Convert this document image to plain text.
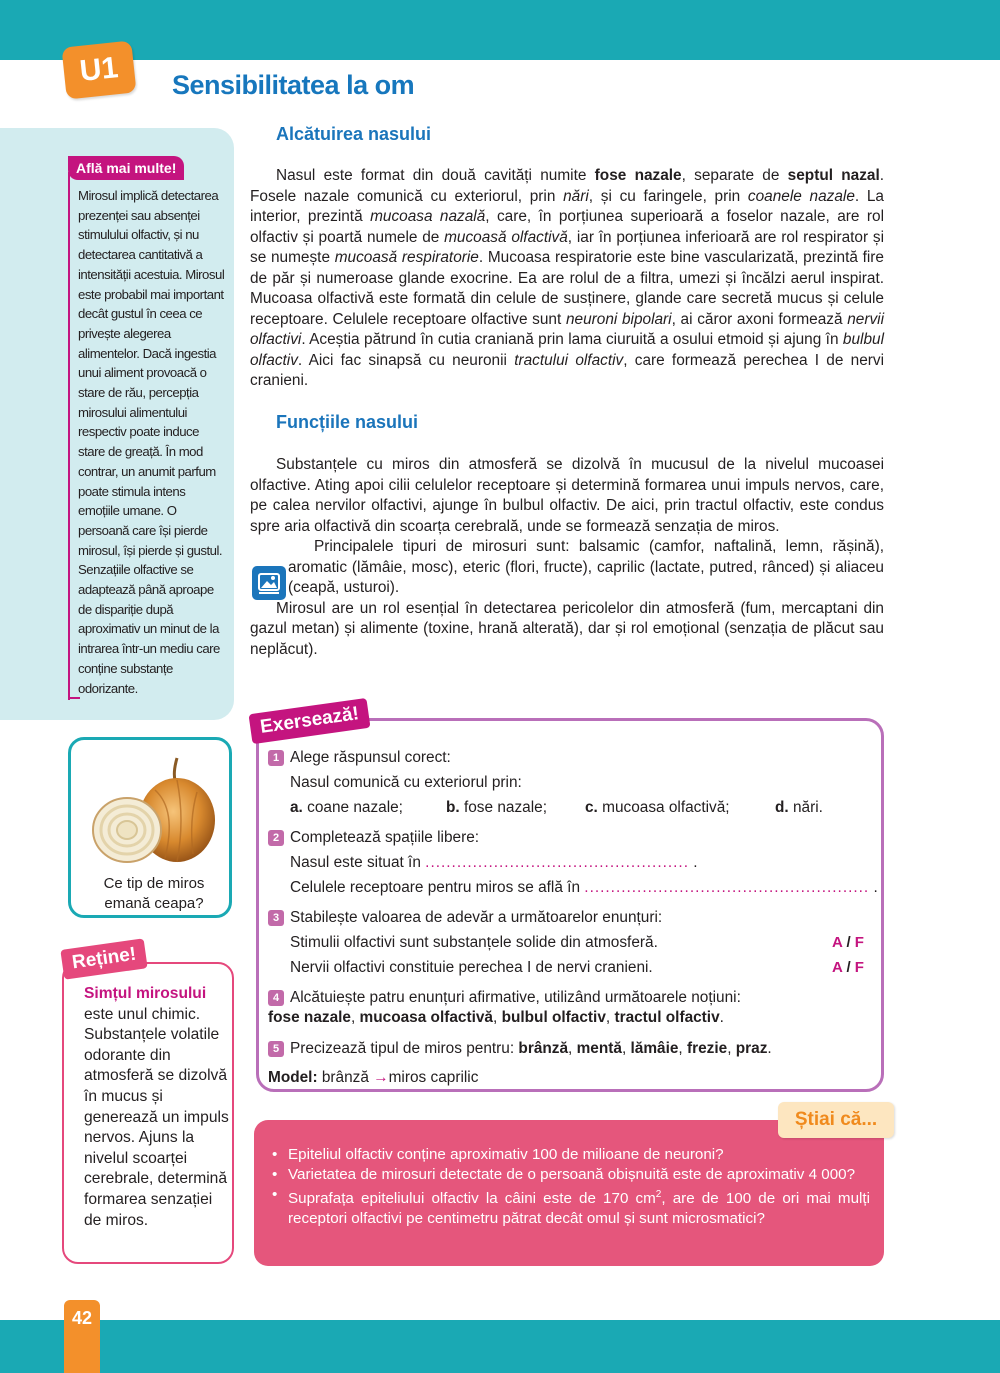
U1	Sensibilitatea la om
Află mai multe!
Mirosul implică detectarea prezenței sau absenței stimulului olfactiv, și nu detectarea cantitativă a intensității acestuia. Mirosul este probabil mai important decât gustul în ceea ce privește alegerea alimentelor. Dacă ingestia unui aliment provoacă o stare de rău, percepția mirosului alimentului respectiv poate induce stare de greață. În mod contrar, un anumit parfum poate stimula intens emoțiile umane. O persoană care își pierde mirosul, își pierde și gustul. Senzațiile olfactive se adaptează până aproape de dispariție după aproximativ un minut de la intrarea într-un mediu care conține substanțe odorizante.
Alcătuirea nasului

Nasul este format din două cavități numite fose nazale, separate de septul nazal. Fosele nazale comunică cu exteriorul, prin nări, și cu faringele, prin coanele nazale. La interior, prezintă mucoasa nazală, care, în porțiunea superioară a foselor nazale, are rol olfactiv și poartă numele de mucoasă olfactivă, iar în porțiunea inferioară are rol respirator și se numește mucoasă respiratorie. Mucoasa respiratorie este bine vascularizată, prezintă fire de păr și numeroase glande exocrine. Ea are rolul de a filtra, umezi și încălzi aerul inspirat. Mucoasa olfactivă este formată din celule de susținere, glande care secretă mucus și celule receptoare. Celulele receptoare olfactive sunt neuroni bipolari, ai căror axoni formează nervii olfactivi. Aceștia pătrund în cutia craniană prin lama ciuruită a osului etmoid și ajung în bulbul olfactiv. Aici fac sinapsă cu neuronii tractului olfactiv, care formează perechea I de nervi cranieni.

Funcțiile nasului

Substanțele cu miros din atmosferă se dizolvă în mucusul de la nivelul mucoasei olfactive. Ating apoi cilii celulelor receptoare și determină formarea unui impuls nervos, care, pe calea nervilor olfactivi, ajunge în bulbul olfactiv. De aici, prin tractul olfactiv, este condus spre aria olfactivă din scoarța cerebrală, unde se formează senzația de miros.

Principalele tipuri de mirosuri sunt: balsamic (camfor, naftalină, lemn, rășină), aromatic (lămâie, mosc), eteric (flori, fructe), caprilic (lactate, putred, rânced) și aliaceu (ceapă, usturoi).

Mirosul are un rol esențial în detectarea pericolelor din atmosferă (fum, mercaptani din gazul metan) și alimente (toxine, hrană alterată), dar și rol emoțional (senzația de plăcut sau neplăcut).

Ce tip de miros emană ceapa?
Reține!
Simțul mirosului este unul chimic. Substanțele volatile odorante din atmosferă se dizolvă în mucus și generează un impuls nervos. Ajuns la nivelul scoarței cerebrale, determină formarea senzației de miros.
Exersează!
1 Alege răspunsul corect:
Nasul comunică cu exteriorul prin:
a. coane nazale;	b. fose nazale; c. mucoasa olfactivă;	d. nări.
2 Completează spațiile libere:
Nasul este situat în .................................................. .
Celulele receptoare pentru miros se află în ...................................................... .
3 Stabilește valoarea de adevăr a următoarelor enunțuri:
Stimulii olfactivi sunt substanțele solide din atmosferă.	A / F
Nervii olfactivi constituie perechea I de nervi cranieni.	A / F
4 Alcătuiește patru enunțuri afirmative, utilizând următoarele noțiuni:
fose nazale, mucoasa olfactivă, bulbul olfactiv, tractul olfactiv.
5 Precizează tipul de miros pentru: brânză, mentă, lămâie, frezie, praz.
Model: brânză →miros caprilic
Știai că...
• Epiteliul olfactiv conține aproximativ 100 de milioane de neuroni?
• Varietatea de mirosuri detectate de o persoană obișnuită este de aproximativ 4 000?
• Suprafața epiteliului olfactiv la câini este de 170 $cm^2$, are de 100 de ori mai mulți receptori olfactivi pe centimetru pătrat decât omul și sunt microsmatici?
42
